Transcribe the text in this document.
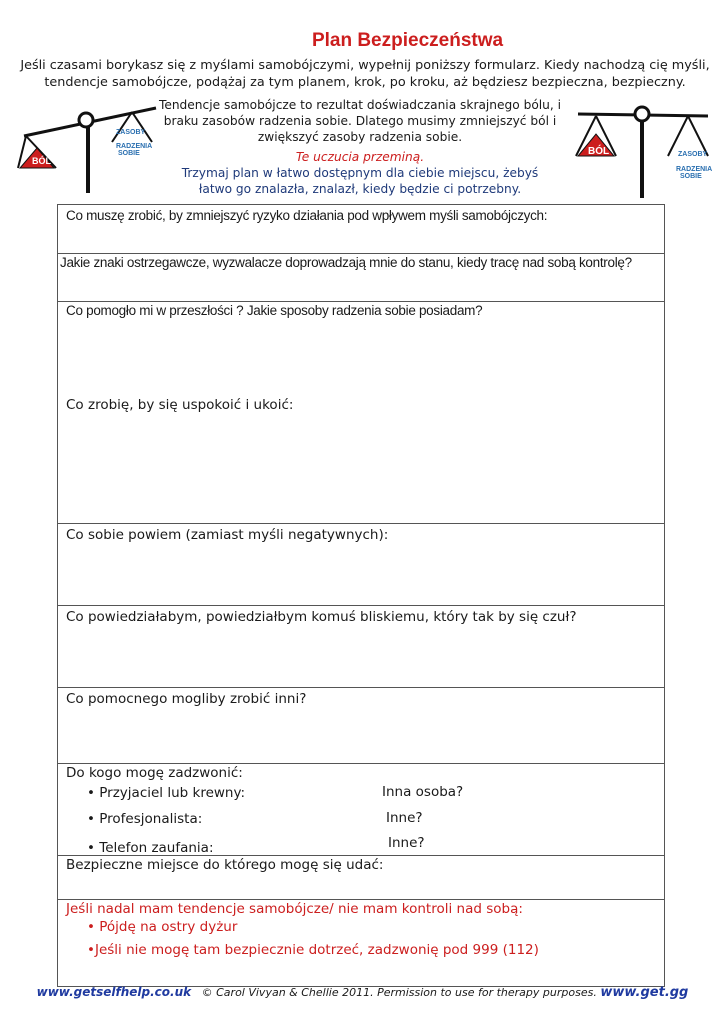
Plan Bezpieczeństwa
Jeśli czasami borykasz się z myślami samobójczymi, wypełnij poniższy formularz. Kiedy nachodzą cię myśli,
tendencje samobójcze, podążaj za tym planem, krok, po kroku, aż będziesz bezpieczna, bezpieczny.
BÓL
ZASOBY
RADZENIA
SOBIE	BÓL	ZASOBY
RADZENIA
SOBIE
Tendencje samobójcze to rezultat doświadczania skrajnego bólu, i
braku zasobów radzenia sobie. Dlatego musimy zmniejszyć ból i
zwiększyć zasoby radzenia sobie.
Te uczucia przeminą.
Trzymaj plan w łatwo dostępnym dla ciebie miejscu, żebyś
łatwo go znalazła, znalazł, kiedy będzie ci potrzebny.
Co muszę zrobić, by zmniejszyć ryzyko działania pod wpływem myśli samobójczych:
Jakie znaki ostrzegawcze, wyzwalacze doprowadzają mnie do stanu, kiedy tracę nad sobą kontrolę?
Co pomogło mi w przeszłości ? Jakie sposoby radzenia sobie posiadam?
Co zrobię, by się uspokoić i ukoić:
Co sobie powiem (zamiast myśli negatywnych):
Co powiedziałabym, powiedziałbym komuś bliskiemu, który tak by się czuł?
Co pomocnego mogliby zrobić inni?
Do kogo mogę zadzwonić:
• Przyjaciel lub krewny:
• Profesjonalista:
• Telefon zaufania:
Inna osoba?
Inne?
Inne?
Bezpieczne miejsce do którego mogę się udać:
Jeśli nadal mam tendencje samobójcze/ nie mam kontroli nad sobą:
• Pójdę na ostry dyżur
•Jeśli nie mogę tam bezpiecznie dotrzeć, zadzwonię pod 999 (112)
www.getselfhelp.co.uk © Carol Vivyan & Chellie 2011. Permission to use for therapy purposes. www.get.gg
